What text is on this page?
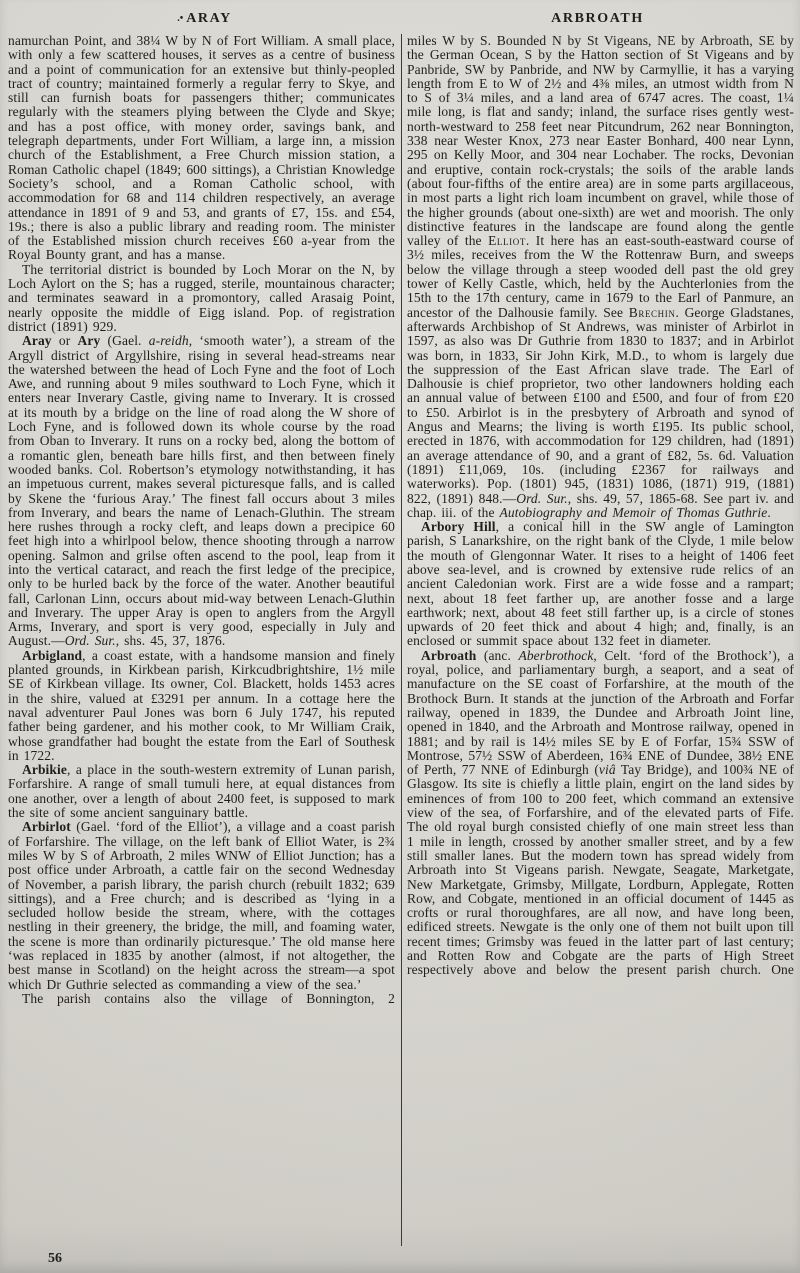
.• ARAY	ARBROATH

namurchan Point, and 38¼ W by N of Fort William. A small place, with only a few scattered houses, it serves as a centre of business and a point of communication for an extensive but thinly-peopled tract of country; maintained formerly a regular ferry to Skye, and still can furnish boats for passengers thither; communicates regularly with the steamers plying between the Clyde and Skye; and has a post office, with money order, savings bank, and telegraph departments, under Fort William, a large inn, a mission church of the Establishment, a Free Church mission station, a Roman Catholic chapel (1849; 600 sittings), a Christian Knowledge Society’s school, and a Roman Catholic school, with accommodation for 68 and 114 children respectively, an average attendance in 1891 of 9 and 53, and grants of £7, 15s. and £54, 19s.; there is also a public library and reading room. The minister of the Established mission church receives £60 a-year from the Royal Bounty grant, and has a manse.

The territorial district is bounded by Loch Morar on the N, by Loch Aylort on the S; has a rugged, sterile, mountainous character; and terminates seaward in a promontory, called Arasaig Point, nearly opposite the middle of Eigg island. Pop. of registration district (1891) 929.

Aray or Ary (Gael. a-reidh, ‘smooth water’), a stream of the Argyll district of Argyllshire, rising in several head-streams near the watershed between the head of Loch Fyne and the foot of Loch Awe, and running about 9 miles southward to Loch Fyne, which it enters near Inverary Castle, giving name to Inverary. It is crossed at its mouth by a bridge on the line of road along the W shore of Loch Fyne, and is followed down its whole course by the road from Oban to Inverary. It runs on a rocky bed, along the bottom of a romantic glen, beneath bare hills first, and then between finely wooded banks. Col. Robertson’s etymology notwithstanding, it has an impetuous current, makes several picturesque falls, and is called by Skene the ‘furious Aray.’ The finest fall occurs about 3 miles from Inverary, and bears the name of Lenach-Gluthin. The stream here rushes through a rocky cleft, and leaps down a precipice 60 feet high into a whirlpool below, thence shooting through a narrow opening. Salmon and grilse often ascend to the pool, leap from it into the vertical cataract, and reach the first ledge of the precipice, only to be hurled back by the force of the water. Another beautiful fall, Carlonan Linn, occurs about mid-way between Lenach-Gluthin and Inverary. The upper Aray is open to anglers from the Argyll Arms, Inverary, and sport is very good, especially in July and August.—Ord. Sur., shs. 45, 37, 1876.

Arbigland, a coast estate, with a handsome mansion and finely planted grounds, in Kirkbean parish, Kirkcudbrightshire, 1½ mile SE of Kirkbean village. Its owner, Col. Blackett, holds 1453 acres in the shire, valued at £3291 per annum. In a cottage here the naval adventurer Paul Jones was born 6 July 1747, his reputed father being gardener, and his mother cook, to Mr William Craik, whose grandfather had bought the estate from the Earl of Southesk in 1722.

Arbikie, a place in the south-western extremity of Lunan parish, Forfarshire. A range of small tumuli here, at equal distances from one another, over a length of about 2400 feet, is supposed to mark the site of some ancient sanguinary battle.

Arbirlot (Gael. ‘ford of the Elliot’), a village and a coast parish of Forfarshire. The village, on the left bank of Elliot Water, is 2¾ miles W by S of Arbroath, 2 miles WNW of Elliot Junction; has a post office under Arbroath, a cattle fair on the second Wednesday of November, a parish library, the parish church (rebuilt 1832; 639 sittings), and a Free church; and is described as ‘lying in a secluded hollow beside the stream, where, with the cottages nestling in their greenery, the bridge, the mill, and foaming water, the scene is more than ordinarily picturesque.’ The old manse here ‘was replaced in 1835 by another (almost, if not altogether, the best manse in Scotland) on the height across the stream—a spot which Dr Guthrie selected as commanding a view of the sea.’

The parish contains also the village of Bonnington, 2

miles W by S. Bounded N by St Vigeans, NE by Arbroath, SE by the German Ocean, S by the Hatton section of St Vigeans and by Panbride, SW by Panbride, and NW by Carmyllie, it has a varying length from E to W of 2½ and 4⅜ miles, an utmost width from N to S of 3¼ miles, and a land area of 6747 acres. The coast, 1¼ mile long, is flat and sandy; inland, the surface rises gently west-north-westward to 258 feet near Pitcundrum, 262 near Bonnington, 338 near Wester Knox, 273 near Easter Bonhard, 400 near Lynn, 295 on Kelly Moor, and 304 near Lochaber. The rocks, Devonian and eruptive, contain rock-crystals; the soils of the arable lands (about four-fifths of the entire area) are in some parts argillaceous, in most parts a light rich loam incumbent on gravel, while those of the higher grounds (about one-sixth) are wet and moorish. The only distinctive features in the landscape are found along the gentle valley of the Elliot. It here has an east-south-eastward course of 3½ miles, receives from the W the Rottenraw Burn, and sweeps below the village through a steep wooded dell past the old grey tower of Kelly Castle, which, held by the Auchterlonies from the 15th to the 17th century, came in 1679 to the Earl of Panmure, an ancestor of the Dalhousie family. See Brechin. George Gladstanes, afterwards Archbishop of St Andrews, was minister of Arbirlot in 1597, as also was Dr Guthrie from 1830 to 1837; and in Arbirlot was born, in 1833, Sir John Kirk, M.D., to whom is largely due the suppression of the East African slave trade. The Earl of Dalhousie is chief proprietor, two other landowners holding each an annual value of between £100 and £500, and four of from £20 to £50. Arbirlot is in the presbytery of Arbroath and synod of Angus and Mearns; the living is worth £195. Its public school, erected in 1876, with accommodation for 129 children, had (1891) an average attendance of 90, and a grant of £82, 5s. 6d. Valuation (1891) £11,069, 10s. (including £2367 for railways and waterworks). Pop. (1801) 945, (1831) 1086, (1871) 919, (1881) 822, (1891) 848.—Ord. Sur., shs. 49, 57, 1865-68. See part iv. and chap. iii. of the Autobiography and Memoir of Thomas Guthrie.

Arbory Hill, a conical hill in the SW angle of Lamington parish, S Lanarkshire, on the right bank of the Clyde, 1 mile below the mouth of Glengonnar Water. It rises to a height of 1406 feet above sea-level, and is crowned by extensive rude relics of an ancient Caledonian work. First are a wide fosse and a rampart; next, about 18 feet farther up, are another fosse and a large earthwork; next, about 48 feet still farther up, is a circle of stones upwards of 20 feet thick and about 4 high; and, finally, is an enclosed or summit space about 132 feet in diameter.

Arbroath (anc. Aberbrothock, Celt. ‘ford of the Brothock’), a royal, police, and parliamentary burgh, a seaport, and a seat of manufacture on the SE coast of Forfarshire, at the mouth of the Brothock Burn. It stands at the junction of the Arbroath and Forfar railway, opened in 1839, the Dundee and Arbroath Joint line, opened in 1840, and the Arbroath and Montrose railway, opened in 1881; and by rail is 14½ miles SE by E of Forfar, 15¾ SSW of Montrose, 57½ SSW of Aberdeen, 16¾ ENE of Dundee, 38½ ENE of Perth, 77 NNE of Edinburgh (viâ Tay Bridge), and 100¾ NE of Glasgow. Its site is chiefly a little plain, engirt on the land sides by eminences of from 100 to 200 feet, which command an extensive view of the sea, of Forfarshire, and of the elevated parts of Fife. The old royal burgh consisted chiefly of one main street less than 1 mile in length, crossed by another smaller street, and by a few still smaller lanes. But the modern town has spread widely from Arbroath into St Vigeans parish. Newgate, Seagate, Marketgate, New Marketgate, Grimsby, Millgate, Lordburn, Applegate, Rotten Row, and Cobgate, mentioned in an official document of 1445 as crofts or rural thoroughfares, are all now, and have long been, edificed streets. Newgate is the only one of them not built upon till recent times; Grimsby was feued in the latter part of last century; and Rotten Row and Cobgate are the parts of High Street respectively above and below the present parish church. One

56
